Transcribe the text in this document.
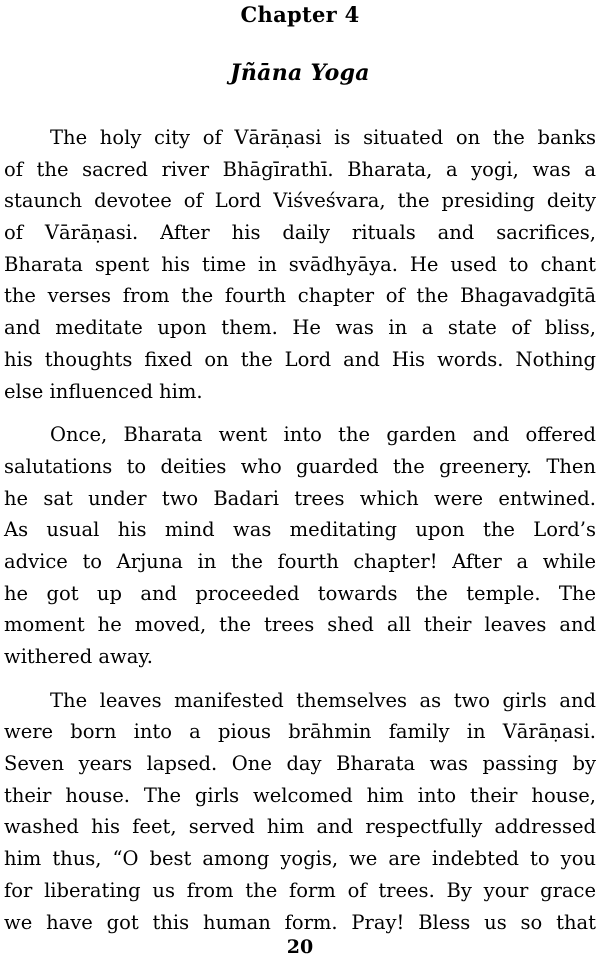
Chapter 4
Jñāna Yoga
The holy city of Vārāṇasi is situated on the banks
of the sacred river Bhāgīrathī. Bharata, a yogi, was a
staunch devotee of Lord Viśveśvara, the presiding deity
of Vārāṇasi. After his daily rituals and sacrifices,
Bharata spent his time in svādhyāya. He used to chant
the verses from the fourth chapter of the Bhagavadgītā
and meditate upon them. He was in a state of bliss,
his thoughts fixed on the Lord and His words. Nothing
else influenced him.
Once, Bharata went into the garden and offered
salutations to deities who guarded the greenery. Then
he sat under two Badari trees which were entwined.
As usual his mind was meditating upon the Lord’s
advice to Arjuna in the fourth chapter! After a while
he got up and proceeded towards the temple. The
moment he moved, the trees shed all their leaves and
withered away.
The leaves manifested themselves as two girls and
were born into a pious brāhmin family in Vārāṇasi.
Seven years lapsed. One day Bharata was passing by
their house. The girls welcomed him into their house,
washed his feet, served him and respectfully addressed
him thus, “O best among yogis, we are indebted to you
for liberating us from the form of trees. By your grace
we have got this human form. Pray! Bless us so that
20
